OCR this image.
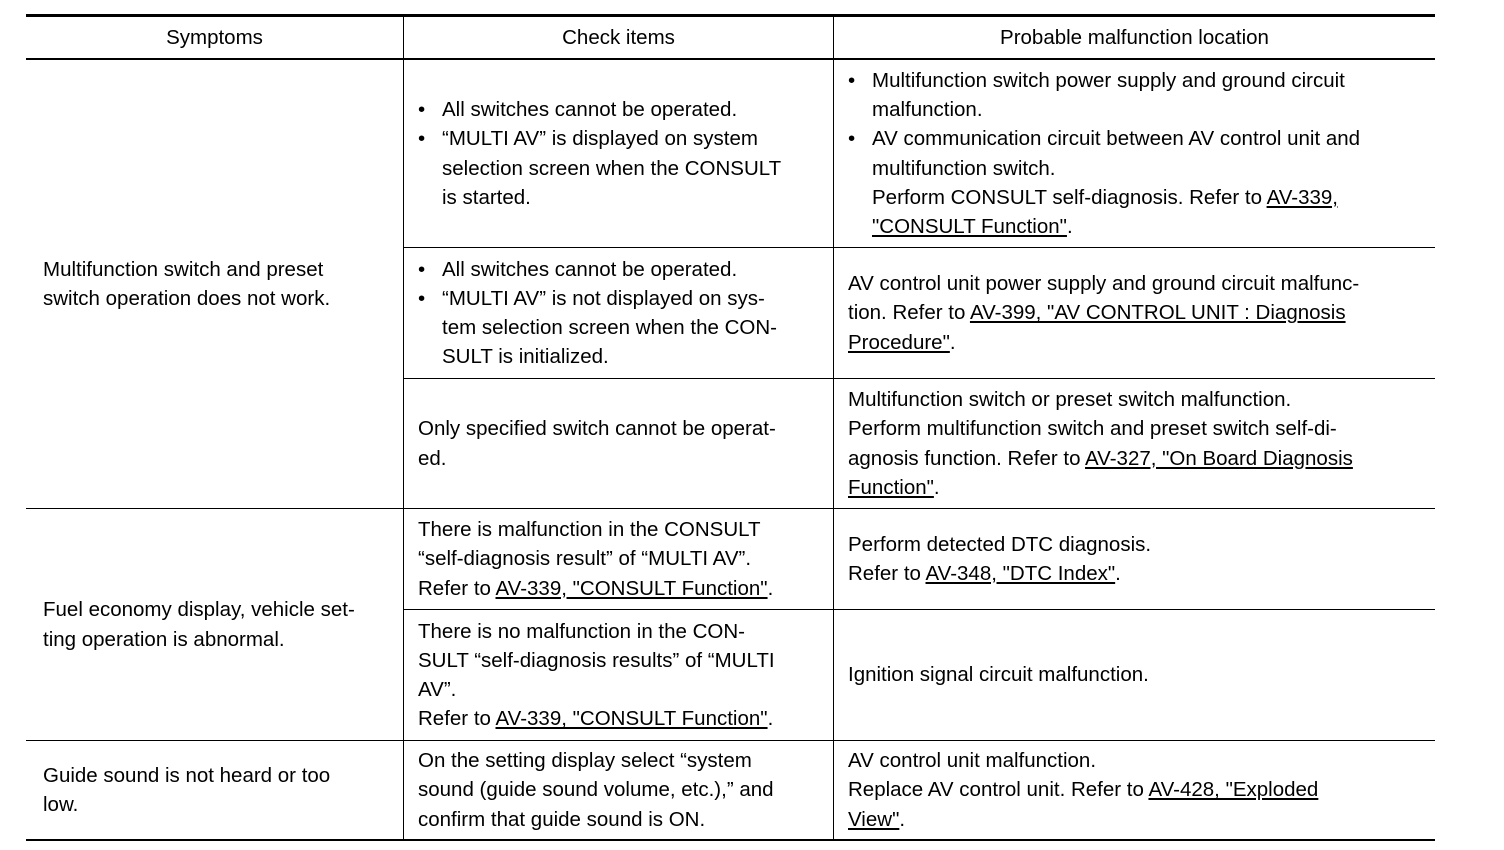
Symptoms	Check items	Probable malfunction location
Multifunction switch and preset
switch operation does not work.
Fuel economy display, vehicle set-
ting operation is abnormal.
Guide sound is not heard or too
low.
• All switches cannot be operated.
• “MULTI AV” is displayed on system
selection screen when the CONSULT
is started.
• Multifunction switch power supply and ground circuit
malfunction.
• AV communication circuit between AV control unit and
multifunction switch.
Perform CONSULT self-diagnosis. Refer to AV-339,
"CONSULT Function".
• All switches cannot be operated.
• “MULTI AV” is not displayed on sys-
tem selection screen when the CON-
SULT is initialized.
AV control unit power supply and ground circuit malfunc-
tion. Refer to AV-399, "AV CONTROL UNIT : Diagnosis
Procedure".
Only specified switch cannot be operat-
ed.
Multifunction switch or preset switch malfunction.
Perform multifunction switch and preset switch self-di-
agnosis function. Refer to AV-327, "On Board Diagnosis
Function".
There is malfunction in the CONSULT
“self-diagnosis result” of “MULTI AV”.
Refer to AV-339, "CONSULT Function".
Perform detected DTC diagnosis.
Refer to AV-348, "DTC Index".
There is no malfunction in the CON-
SULT “self-diagnosis results” of “MULTI
AV”.
Refer to AV-339, "CONSULT Function".
Ignition signal circuit malfunction.
On the setting display select “system
sound (guide sound volume, etc.),” and
confirm that guide sound is ON.
AV control unit malfunction.
Replace AV control unit. Refer to AV-428, "Exploded
View".
